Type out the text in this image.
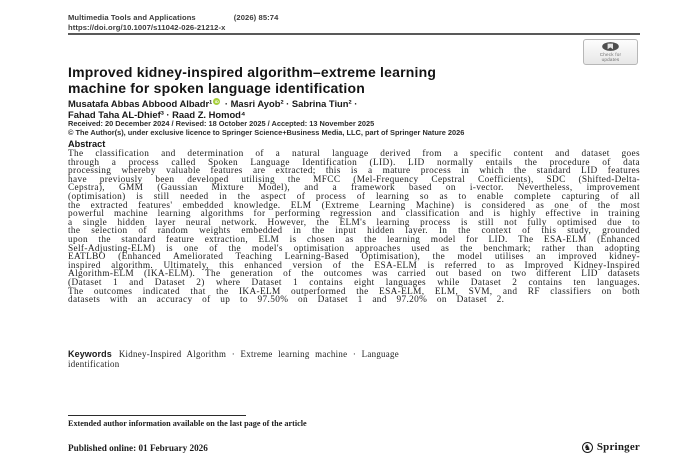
Multimedia Tools and Applications	(2026) 85:74
https://doi.org/10.1007/s11042-026-21212-x
Check for
updates
Improved kidney-inspired algorithm–extreme learning
machine for spoken language identification
Musatafa Abbas Abbood Albadr¹ iD · Masri Ayob² · Sabrina Tiun² ·
Fahad Taha AL-Dhief³ · Raad Z. Homod⁴
Received: 20 December 2024 / Revised: 18 October 2025 / Accepted: 13 November 2025
© The Author(s), under exclusive licence to Springer Science+Business Media, LLC, part of Springer Nature 2026
Abstract
The classification and determination of a natural language derived from a specific content and dataset goes through a process called Spoken Language Identification (LID). LID normally entails the procedure of data processing whereby valuable features are extracted; this is a mature process in which the standard LID features have previously been developed utilising the MFCC (Mel-Frequency Cepstral Coefficients), SDC (Shifted-Delta-Cepstra), GMM (Gaussian Mixture Model), and a framework based on i-vector. Nevertheless, improvement (optimisation) is still needed in the aspect of process of learning so as to enable complete capturing of all the extracted features' embedded knowledge. ELM (Extreme Learning Machine) is considered as one of the most powerful machine learning algorithms for performing regression and classification and is highly effective in training a single hidden layer neural network. However, the ELM's learning process is still not fully optimised due to the selection of random weights embedded in the input hidden layer. In the context of this study, grounded upon the standard feature extraction, ELM is chosen as the learning model for LID. The ESA-ELM (Enhanced Self-Adjusting-ELM) is one of the model's optimisation approaches used as the benchmark; rather than adopting EATLBO (Enhanced Ameliorated Teaching Learning-Based Optimisation), the model utilises an improved kidney-inspired algorithm. Ultimately, this enhanced version of the ESA-ELM is referred to as Improved Kidney-Inspired Algorithm-ELM (IKA-ELM). The generation of the outcomes was carried out based on two different LID datasets (Dataset 1 and Dataset 2) where Dataset 1 contains eight languages while Dataset 2 contains ten languages. The outcomes indicated that the IKA-ELM outperformed the ESA-ELM, ELM, SVM, and RF classifiers on both datasets with an accuracy of up to 97.50% on Dataset 1 and 97.20% on Dataset 2.
Keywords Kidney-Inspired Algorithm · Extreme learning machine · Language
identification
Extended author information available on the last page of the article
Published online: 01 February 2026	♞ Springer
